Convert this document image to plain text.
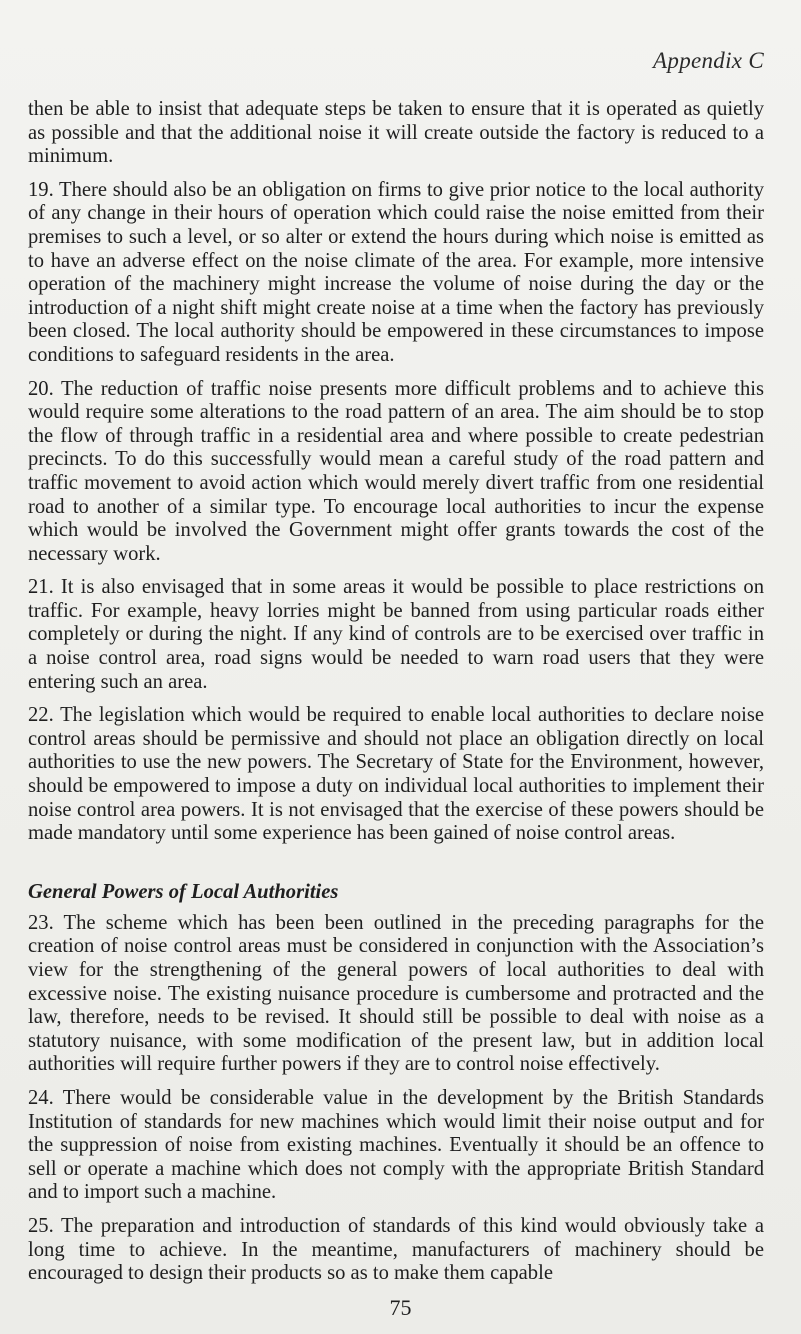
Appendix C

then be able to insist that adequate steps be taken to ensure that it is operated as quietly as possible and that the additional noise it will create outside the factory is reduced to a minimum.

19. There should also be an obligation on firms to give prior notice to the local authority of any change in their hours of operation which could raise the noise emitted from their premises to such a level, or so alter or extend the hours during which noise is emitted as to have an adverse effect on the noise climate of the area. For example, more intensive operation of the machinery might increase the volume of noise during the day or the introduction of a night shift might create noise at a time when the factory has previously been closed. The local authority should be empowered in these circumstances to impose conditions to safeguard residents in the area.

20. The reduction of traffic noise presents more difficult problems and to achieve this would require some alterations to the road pattern of an area. The aim should be to stop the flow of through traffic in a residential area and where possible to create pedestrian precincts. To do this successfully would mean a careful study of the road pattern and traffic movement to avoid action which would merely divert traffic from one residential road to another of a similar type. To encourage local authorities to incur the expense which would be involved the Government might offer grants towards the cost of the necessary work.

21. It is also envisaged that in some areas it would be possible to place restrictions on traffic. For example, heavy lorries might be banned from using particular roads either completely or during the night. If any kind of controls are to be exercised over traffic in a noise control area, road signs would be needed to warn road users that they were entering such an area.

22. The legislation which would be required to enable local authorities to declare noise control areas should be permissive and should not place an obligation directly on local authorities to use the new powers. The Secretary of State for the Environment, however, should be empowered to impose a duty on individual local authorities to implement their noise control area powers. It is not envisaged that the exercise of these powers should be made mandatory until some experience has been gained of noise control areas.

General Powers of Local Authorities

23. The scheme which has been been outlined in the preceding paragraphs for the creation of noise control areas must be considered in conjunction with the Association’s view for the strengthening of the general powers of local authorities to deal with excessive noise. The existing nuisance procedure is cumbersome and protracted and the law, therefore, needs to be revised. It should still be possible to deal with noise as a statutory nuisance, with some modification of the present law, but in addition local authorities will require further powers if they are to control noise effectively.

24. There would be considerable value in the development by the British Standards Institution of standards for new machines which would limit their noise output and for the suppression of noise from existing machines. Eventually it should be an offence to sell or operate a machine which does not comply with the appropriate British Standard and to import such a machine.

25. The preparation and introduction of standards of this kind would obviously take a long time to achieve. In the meantime, manufacturers of machinery should be encouraged to design their products so as to make them capable

75
